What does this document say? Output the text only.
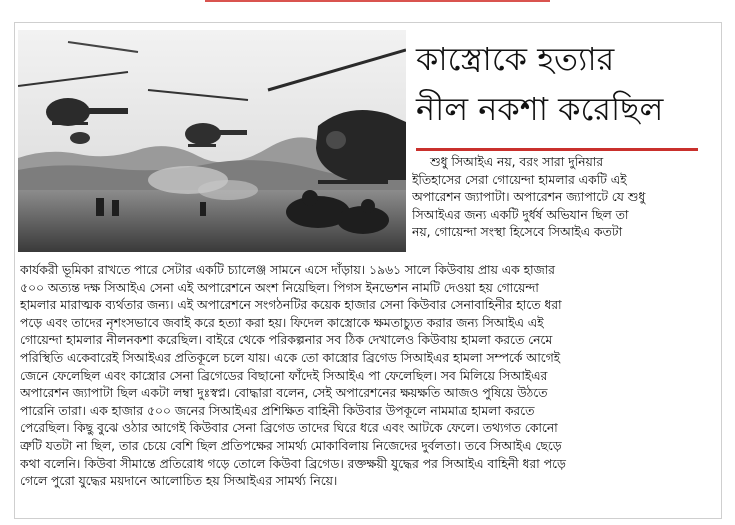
কাস্ত্রোকে হত্যার
নীল নকশা করেছিল
শুধু সিআইএ নয়, বরং সারা দুনিয়ার
ইতিহাসের সেরা গোয়েন্দা হামলার একটি এই
অপারেশন জ্যাপাটা। অপারেশন জ্যাপাটে যে শুধু
সিআইএর জন্য একটি দুর্ধর্ষ অভিযান ছিল তা
নয়, গোয়েন্দা সংস্থা হিসেবে সিআইএ কতটা
কার্যকরী ভূমিকা রাখতে পারে সেটার একটি চ্যালেঞ্জ সামনে এসে দাঁড়ায়। ১৯৬১ সালে কিউবায় প্রায় এক হাজার
৫০০ অত্যন্ত দক্ষ সিআইএ সেনা এই অপারেশনে অংশ নিয়েছিল। পিগস ইনভেশন নামটি দেওয়া হয় গোয়েন্দা
হামলার মারাত্মক ব্যর্থতার জন্য। এই অপারেশনে সংগঠনটির কয়েক হাজার সেনা কিউবার সেনাবাহিনীর হাতে ধরা
পড়ে এবং তাদের নৃশংসভাবে জবাই করে হত্যা করা হয়। ফিদেল কাস্ত্রোকে ক্ষমতাচ্যুত করার জন্য সিআইএ এই
গোয়েন্দা হামলার নীলনকশা করেছিল। বাইরে থেকে পরিকল্পনার সব ঠিক দেখালেও কিউবায় হামলা করতে নেমে
পরিস্থিতি একেবারেই সিআইএর প্রতিকূলে চলে যায়। একে তো কাস্ত্রোর ব্রিগেড সিআইএর হামলা সম্পর্কে আগেই
জেনে ফেলেছিল এবং কাস্ত্রোর সেনা ব্রিগেডের বিছানো ফাঁদেই সিআইএ পা ফেলেছিল। সব মিলিয়ে সিআইএর
অপারেশন জ্যাপাটা ছিল একটা লম্বা দুঃস্বপ্ন। বোদ্ধারা বলেন, সেই অপারেশনের ক্ষয়ক্ষতি আজও পুষিয়ে উঠতে
পারেনি তারা। এক হাজার ৫০০ জনের সিআইএর প্রশিক্ষিত বাহিনী কিউবার উপকূলে নামমাত্র হামলা করতে
পেরেছিল। কিছু বুঝে ওঠার আগেই কিউবার সেনা ব্রিগেড তাদের ঘিরে ধরে এবং আটকে ফেলে। তথ্যগত কোনো
ত্রুটি যতটা না ছিল, তার চেয়ে বেশি ছিল প্রতিপক্ষের সামর্থ্য মোকাবিলায় নিজেদের দুর্বলতা। তবে সিআইএ ছেড়ে
কথা বলেনি। কিউবা সীমান্তে প্রতিরোধ গড়ে তোলে কিউবা ব্রিগেড। রক্তক্ষয়ী যুদ্ধের পর সিআইএ বাহিনী ধরা পড়ে
গেলে পুরো যুদ্ধের ময়দানে আলোচিত হয় সিআইএর সামর্থ্য নিয়ে।
